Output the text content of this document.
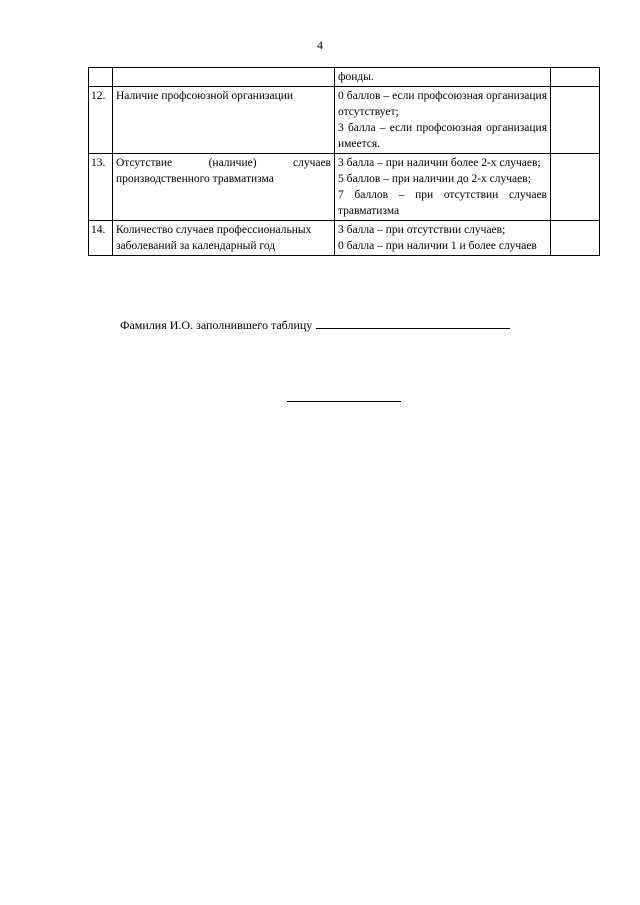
4

		фонды.	

12.	Наличие профсоюзной организации	0 баллов – если профсоюзная организация отсутствует;
3 балла – если профсоюзная организация имеется.	

13.	Отсутствие (наличие) случаев производственного травматизма	3 балла – при наличии более 2-х случаев;
5 баллов – при наличии до 2-х случаев;
7 баллов – при отсутствии случаев травматизма	

14.	Количество случаев профессиональных заболеваний за календарный год	3 балла – при отсутствии случаев;
0 балла – при наличии 1 и более случаев	

Фамилия И.О. заполнившего таблицу
